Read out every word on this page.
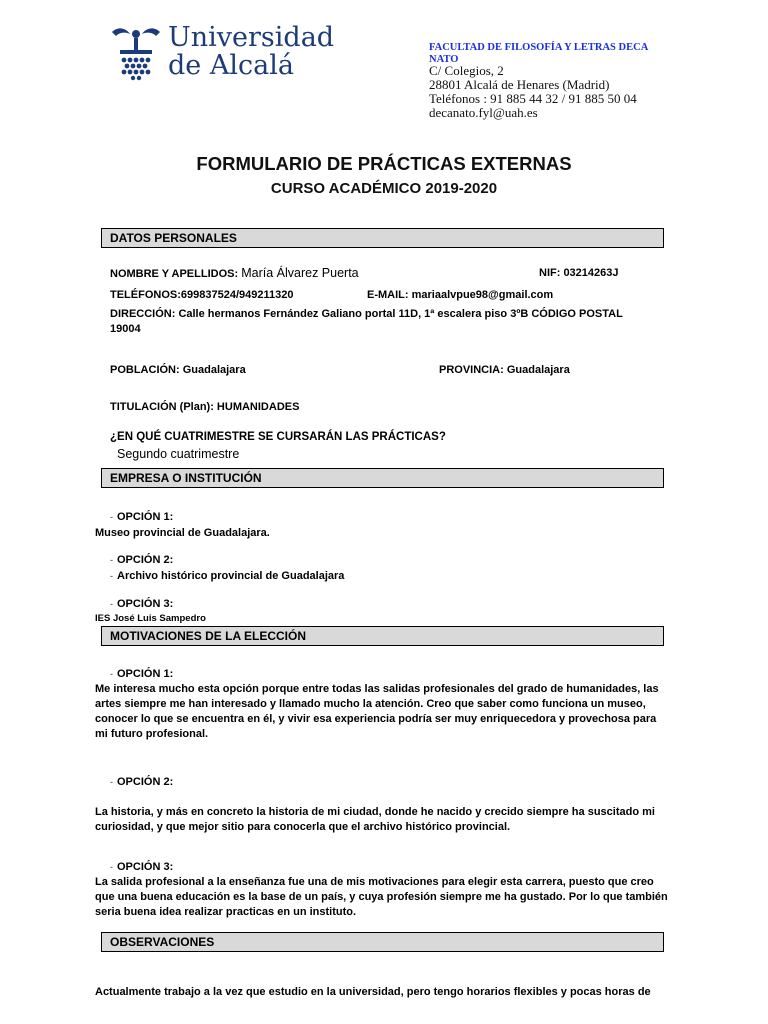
Universidad
de Alcalá
FACULTAD DE FILOSOFÍA Y LETRAS DECA
NATO
C/ Colegios, 2
28801 Alcalá de Henares (Madrid)
Teléfonos : 91 885 44 32 / 91 885 50 04
decanato.fyl@uah.es
FORMULARIO DE PRÁCTICAS EXTERNAS
CURSO ACADÉMICO 2019-2020
DATOS PERSONALES
NOMBRE Y APELLIDOS: María Álvarez Puerta	NIF: 03214263J
TELÉFONOS:699837524/949211320	E-MAIL: mariaalvpue98@gmail.com
DIRECCIÓN: Calle hermanos Fernández Galiano portal 11D, 1ª escalera piso 3ºB CÓDIGO POSTAL
19004
POBLACIÓN: Guadalajara	PROVINCIA: Guadalajara
TITULACIÓN (Plan): HUMANIDADES
¿EN QUÉ CUATRIMESTRE SE CURSARÁN LAS PRÁCTICAS?
Segundo cuatrimestre
EMPRESA O INSTITUCIÓN
- OPCIÓN 1:
Museo provincial de Guadalajara.
- OPCIÓN 2:
- Archivo histórico provincial de Guadalajara
- OPCIÓN 3:
IES José Luis Sampedro
MOTIVACIONES DE LA ELECCIÓN
- OPCIÓN 1:
Me interesa mucho esta opción porque entre todas las salidas profesionales del grado de humanidades, las artes siempre me han interesado y llamado mucho la atención. Creo que saber como funciona un museo, conocer lo que se encuentra en él, y vivir esa experiencia podría ser muy enriquecedora y provechosa para mi futuro profesional.
- OPCIÓN 2:
La historia, y más en concreto la historia de mi ciudad, donde he nacido y crecido siempre ha suscitado mi curiosidad, y que mejor sitio para conocerla que el archivo histórico provincial.
- OPCIÓN 3:
La salida profesional a la enseñanza fue una de mis motivaciones para elegir esta carrera, puesto que creo que una buena educación es la base de un país, y cuya profesión siempre me ha gustado. Por lo que también seria buena idea realizar practicas en un instituto.
OBSERVACIONES
Actualmente trabajo a la vez que estudio en la universidad, pero tengo horarios flexibles y pocas horas de
